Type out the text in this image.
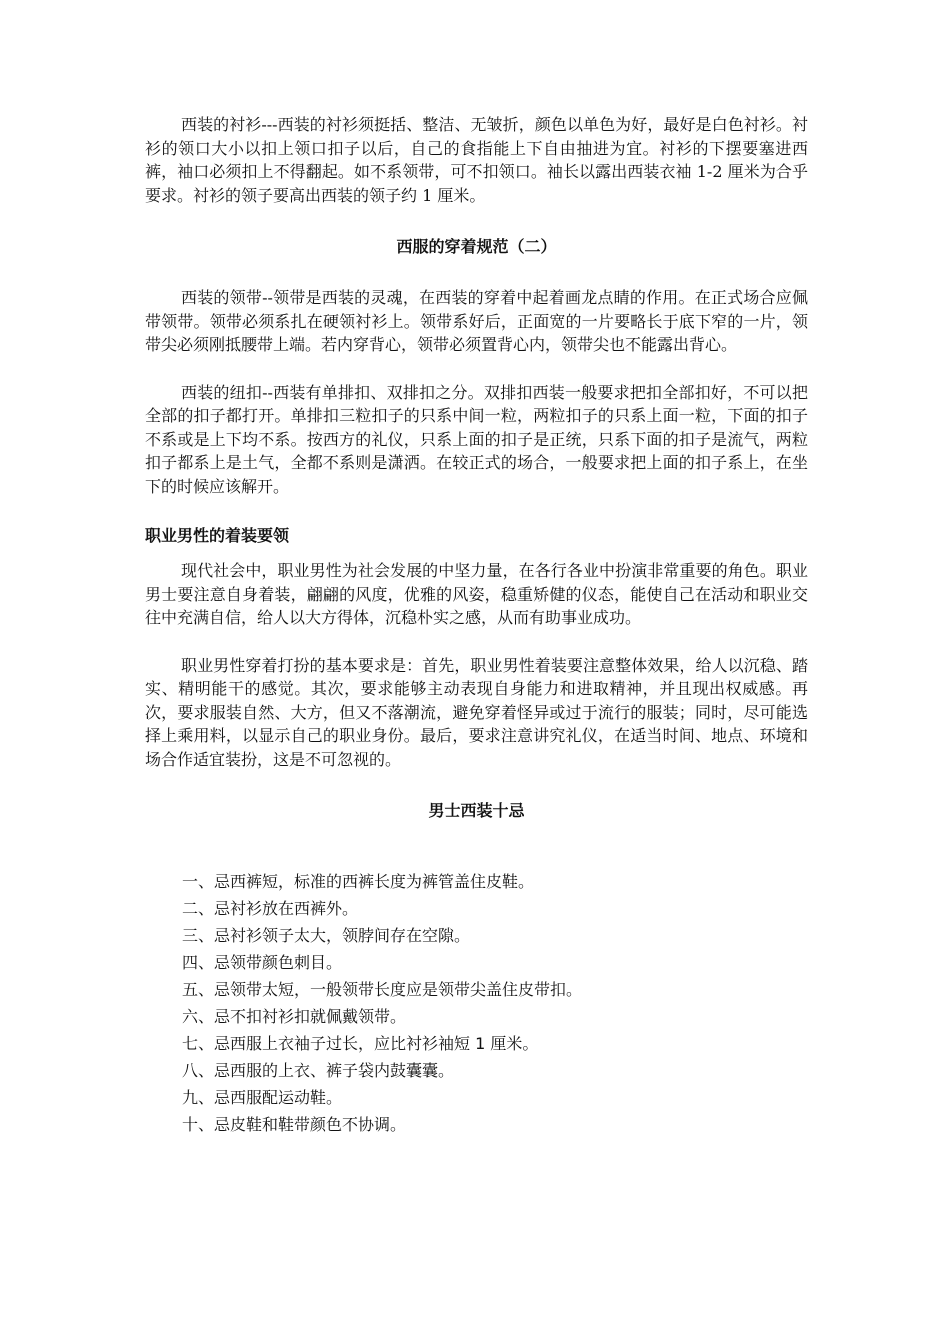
西装的衬衫---西装的衬衫须挺括、整洁、无皱折，颜色以单色为好，最好是白色衬衫。衬衫的领口大小以扣上领口扣子以后，自己的食指能上下自由抽进为宜。衬衫的下摆要塞进西裤，袖口必须扣上不得翻起。如不系领带，可不扣领口。袖长以露出西装衣袖 1-2 厘米为合乎要求。衬衫的领子要高出西装的领子约 1 厘米。

西服的穿着规范（二）

西装的领带--领带是西装的灵魂，在西装的穿着中起着画龙点睛的作用。在正式场合应佩带领带。领带必须系扎在硬领衬衫上。领带系好后，正面宽的一片要略长于底下窄的一片，领带尖必须刚抵腰带上端。若内穿背心，领带必须置背心内，领带尖也不能露出背心。

西装的纽扣--西装有单排扣、双排扣之分。双排扣西装一般要求把扣全部扣好，不可以把全部的扣子都打开。单排扣三粒扣子的只系中间一粒，两粒扣子的只系上面一粒，下面的扣子不系或是上下均不系。按西方的礼仪，只系上面的扣子是正统，只系下面的扣子是流气，两粒扣子都系上是土气，全都不系则是潇洒。在较正式的场合，一般要求把上面的扣子系上，在坐下的时候应该解开。

职业男性的着装要领

现代社会中，职业男性为社会发展的中坚力量，在各行各业中扮演非常重要的角色。职业男士要注意自身着装，翩翩的风度，优雅的风姿，稳重矫健的仪态，能使自己在活动和职业交往中充满自信，给人以大方得体，沉稳朴实之感，从而有助事业成功。

职业男性穿着打扮的基本要求是：首先，职业男性着装要注意整体效果，给人以沉稳、踏实、精明能干的感觉。其次，要求能够主动表现自身能力和进取精神，并且现出权威感。再次，要求服装自然、大方，但又不落潮流，避免穿着怪异或过于流行的服装；同时，尽可能选择上乘用料，以显示自己的职业身份。最后，要求注意讲究礼仪，在适当时间、地点、环境和场合作适宜装扮，这是不可忽视的。

男士西装十忌
一、忌西裤短，标准的西裤长度为裤管盖住皮鞋。
二、忌衬衫放在西裤外。
三、忌衬衫领子太大，领脖间存在空隙。
四、忌领带颜色刺目。
五、忌领带太短，一般领带长度应是领带尖盖住皮带扣。
六、忌不扣衬衫扣就佩戴领带。
七、忌西服上衣袖子过长，应比衬衫袖短 1 厘米。
八、忌西服的上衣、裤子袋内鼓囊囊。
九、忌西服配运动鞋。
十、忌皮鞋和鞋带颜色不协调。
